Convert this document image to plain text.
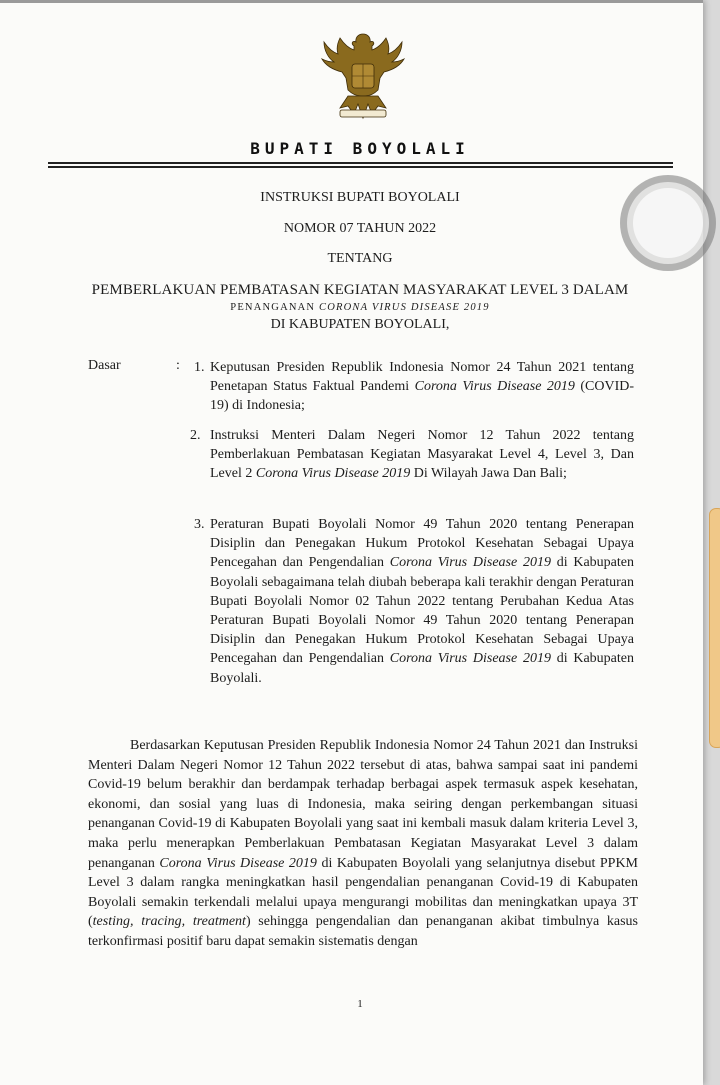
BUPATI BOYOLALI
INSTRUKSI BUPATI BOYOLALI
NOMOR 07 TAHUN 2022
TENTANG
PEMBERLAKUAN PEMBATASAN KEGIATAN MASYARAKAT LEVEL 3 DALAM
PENANGANAN CORONA VIRUS DISEASE 2019
DI KABUPATEN BOYOLALI,
Dasar	: 1. Keputusan Presiden Republik Indonesia Nomor 24 Tahun 2021 tentang Penetapan Status Faktual Pandemi Corona Virus Disease 2019 (COVID-19) di Indonesia;
2. Instruksi Menteri Dalam Negeri Nomor 12 Tahun 2022 tentang Pemberlakuan Pembatasan Kegiatan Masyarakat Level 4, Level 3, Dan Level 2 Corona Virus Disease 2019 Di Wilayah Jawa Dan Bali;
3. Peraturan Bupati Boyolali Nomor 49 Tahun 2020 tentang Penerapan Disiplin dan Penegakan Hukum Protokol Kesehatan Sebagai Upaya Pencegahan dan Pengendalian Corona Virus Disease 2019 di Kabupaten Boyolali sebagaimana telah diubah beberapa kali terakhir dengan Peraturan Bupati Boyolali Nomor 02 Tahun 2022 tentang Perubahan Kedua Atas Peraturan Bupati Boyolali Nomor 49 Tahun 2020 tentang Penerapan Disiplin dan Penegakan Hukum Protokol Kesehatan Sebagai Upaya Pencegahan dan Pengendalian Corona Virus Disease 2019 di Kabupaten Boyolali.
Berdasarkan Keputusan Presiden Republik Indonesia Nomor 24 Tahun 2021 dan Instruksi Menteri Dalam Negeri Nomor 12 Tahun 2022 tersebut di atas, bahwa sampai saat ini pandemi Covid-19 belum berakhir dan berdampak terhadap berbagai aspek termasuk aspek kesehatan, ekonomi, dan sosial yang luas di Indonesia, maka seiring dengan perkembangan situasi penanganan Covid-19 di Kabupaten Boyolali yang saat ini kembali masuk dalam kriteria Level 3, maka perlu menerapkan Pemberlakuan Pembatasan Kegiatan Masyarakat Level 3 dalam penanganan Corona Virus Disease 2019 di Kabupaten Boyolali yang selanjutnya disebut PPKM Level 3 dalam rangka meningkatkan hasil pengendalian penanganan Covid-19 di Kabupaten Boyolali semakin terkendali melalui upaya mengurangi mobilitas dan meningkatkan upaya 3T (testing, tracing, treatment) sehingga pengendalian dan penanganan akibat timbulnya kasus terkonfirmasi positif baru dapat semakin sistematis dengan
1
